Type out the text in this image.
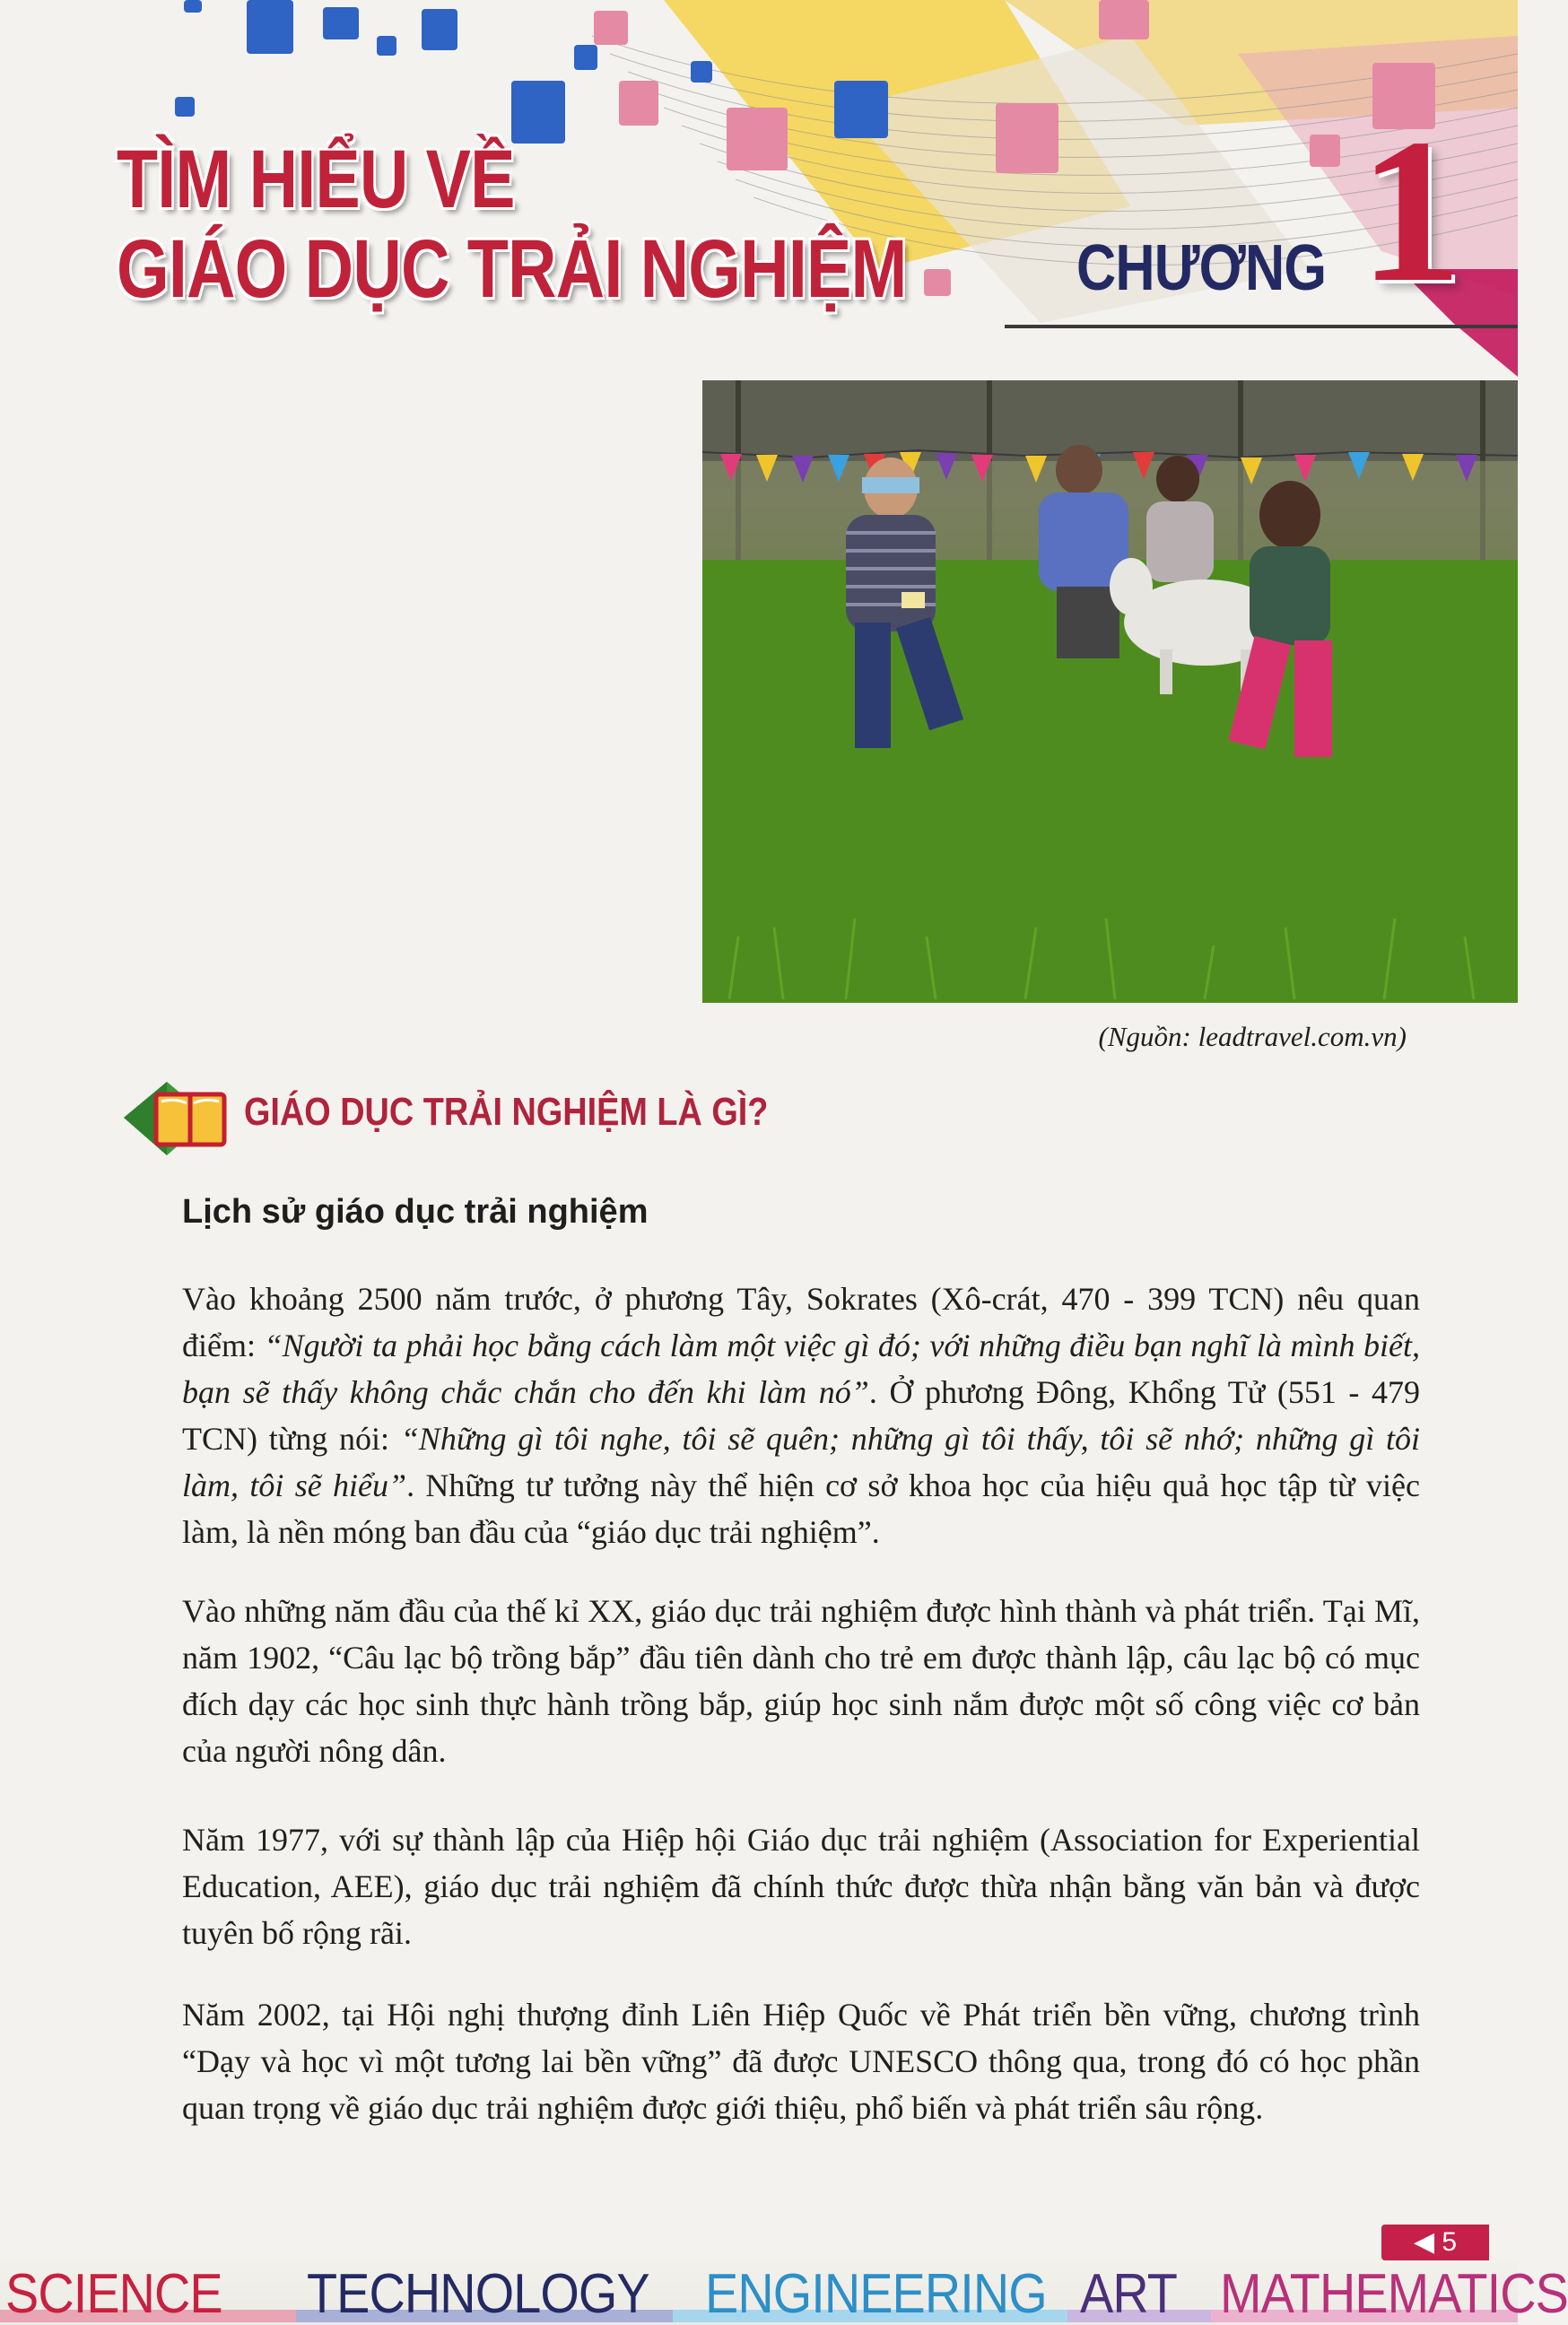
TÌM HIỂU VỀ
GIÁO DỤC TRẢI NGHIỆM	CHƯƠNG 1
(Nguồn: leadtravel.com.vn)
GIÁO DỤC TRẢI NGHIỆM LÀ GÌ?
Lịch sử giáo dục trải nghiệm
Vào khoảng 2500 năm trước, ở phương Tây, Sokrates (Xô-crát, 470 - 399 TCN) nêu quan điểm: “Người ta phải học bằng cách làm một việc gì đó; với những điều bạn nghĩ là mình biết, bạn sẽ thấy không chắc chắn cho đến khi làm nó”. Ở phương Đông, Khổng Tử (551 - 479 TCN) từng nói: “Những gì tôi nghe, tôi sẽ quên; những gì tôi thấy, tôi sẽ nhớ; những gì tôi làm, tôi sẽ hiểu”. Những tư tưởng này thể hiện cơ sở khoa học của hiệu quả học tập từ việc làm, là nền móng ban đầu của “giáo dục trải nghiệm”.
Vào những năm đầu của thế kỉ XX, giáo dục trải nghiệm được hình thành và phát triển. Tại Mĩ, năm 1902, “Câu lạc bộ trồng bắp” đầu tiên dành cho trẻ em được thành lập, câu lạc bộ có mục đích dạy các học sinh thực hành trồng bắp, giúp học sinh nắm được một số công việc cơ bản của người nông dân.
Năm 1977, với sự thành lập của Hiệp hội Giáo dục trải nghiệm (Association for Experiential Education, AEE), giáo dục trải nghiệm đã chính thức được thừa nhận bằng văn bản và được tuyên bố rộng rãi.
Năm 2002, tại Hội nghị thượng đỉnh Liên Hiệp Quốc về Phát triển bền vững, chương trình “Dạy và học vì một tương lai bền vững” đã được UNESCO thông qua, trong đó có học phần quan trọng về giáo dục trải nghiệm được giới thiệu, phổ biến và phát triển sâu rộng.
◀ 5
SCIENCE TECHNOLOGY ENGINEERING ART MATHEMATICS
